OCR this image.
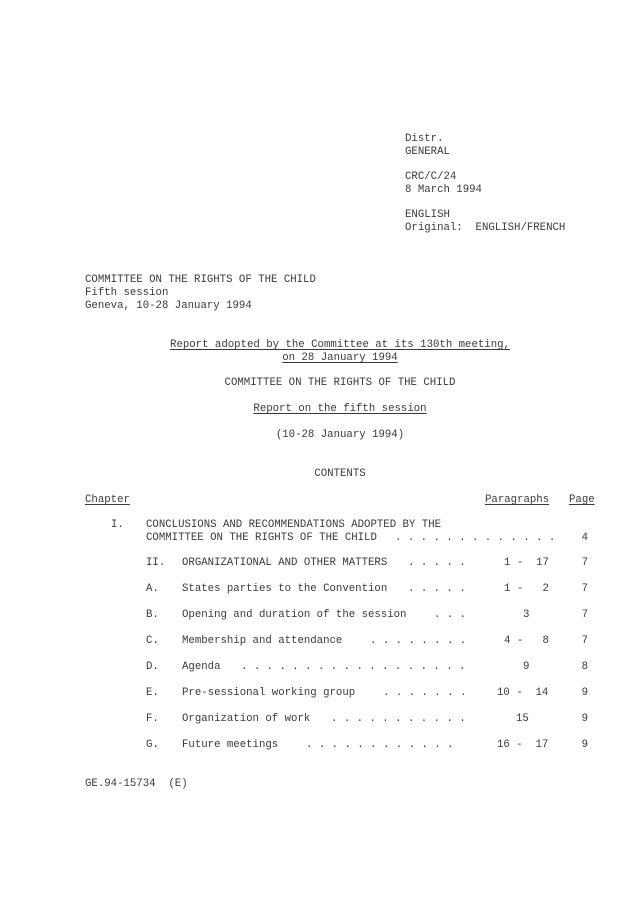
Distr.
GENERAL
CRC/C/24
8 March 1994
ENGLISH
Original:  ENGLISH/FRENCH
COMMITTEE ON THE RIGHTS OF THE CHILD
Fifth session
Geneva, 10-28 January 1994
Report adopted by the Committee at its 130th meeting,
on 28 January 1994
COMMITTEE ON THE RIGHTS OF THE CHILD
Report on the fifth session
(10-28 January 1994)
CONTENTS
Chapter	Paragraphs Page
I. CONCLUSIONS AND RECOMMENDATIONS ADOPTED BY THE
COMMITTEE ON THE RIGHTS OF THE CHILD . . . . . . . . . . . . .	4
II. ORGANIZATIONAL AND OTHER MATTERS . . . . .	1 -  17	7
A. States parties to the Convention . . . . .	1 -   2	7
B. Opening and duration of the session	. . .	3	7
C. Membership and attendance	. . . . . . . .	4 -   8	7
D. Agenda . . . . . . . . . . . . . . . . . .	9	8
E. Pre-sessional working group	. . . . . . .	10 -  14	9
F. Organization of work . . . . . . . . . . .	15	9
G. Future meetings	. . . . . . . . . . . .	16 -  17	9
GE.94-15734  (E)
